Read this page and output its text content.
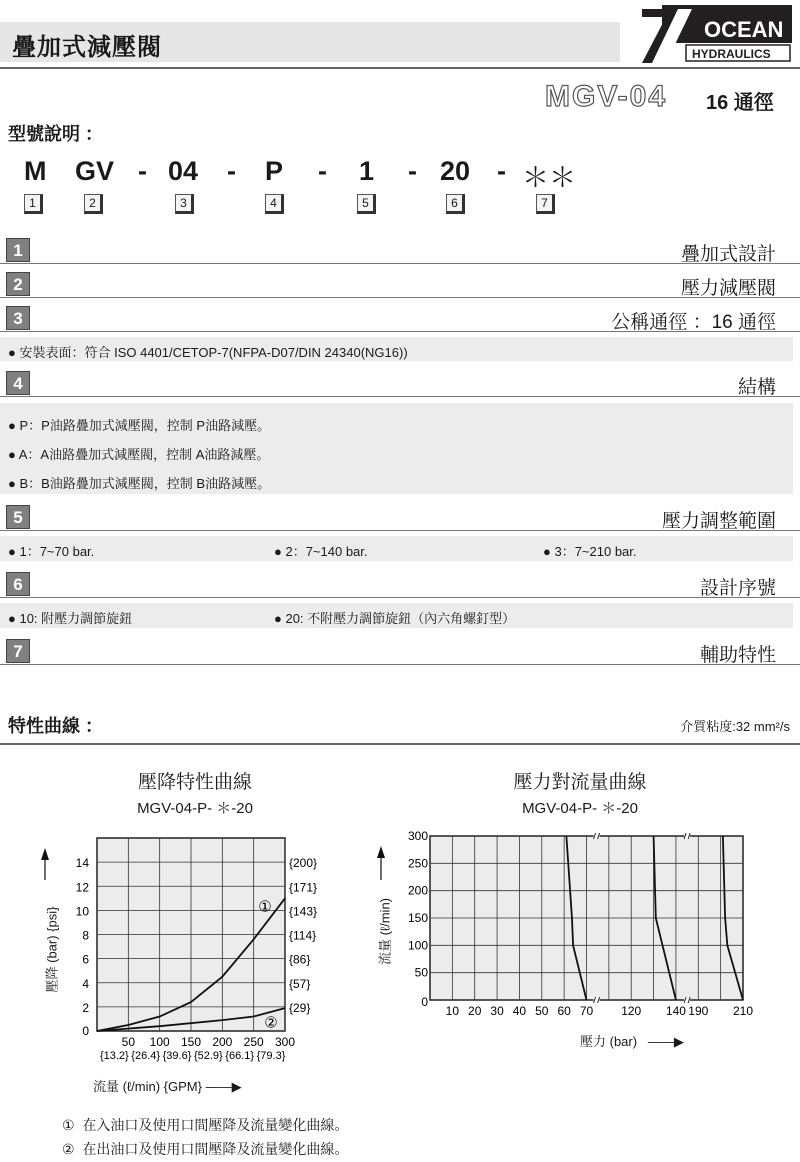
疊加式減壓閥
OCEAN
HYDRAULICS
MGV-04 16 通徑
型號說明 ：
M GV - 04 - P - 1 - 20 - ＊＊
1	2	3	4	5	6	7
1	疊加式設計
2	壓力減壓閥
3	公稱通徑 ：16 通徑
● 安裝表面：符合 ISO 4401/CETOP-7(NFPA-D07/DIN 24340(NG16))
4	結構
● P：P油路疊加式減壓閥，控制 P油路減壓。
● A：A油路疊加式減壓閥，控制 A油路減壓。
● B：B油路疊加式減壓閥，控制 B油路減壓。
5	壓力調整範圍
● 1：7~70 bar.	● 2：7~140 bar.	● 3：7~210 bar.
6	設計序號
● 10: 附壓力調節旋鈕	● 20: 不附壓力調節旋鈕（內六角螺釘型）
7	輔助特性
特性曲線 ：	介質粘度:32 mm²/s
壓降特性曲線
MGV-04-P- ＊-20
壓力對流量曲線
MGV-04-P- ＊-20
50
{13.2}
100
{26.4}
150
{39.6}
200
{52.9}
250
{66.1}
300
{79.3}
0
2
4
6
8
10
12
14
{29}
{57}
{86}
{114}
{143}
{171}
{200}
①
②
10 20 30 40 50 60 70 120 140 190 210
0
50
100
150
200
250
300
流量 (ℓ/min) {GPM} ——▶
壓力 (bar) ——▶
壓降 (bar) {psi}	流量 (ℓ/min)
① 在入油口及使用口間壓降及流量變化曲線。
② 在出油口及使用口間壓降及流量變化曲線。
